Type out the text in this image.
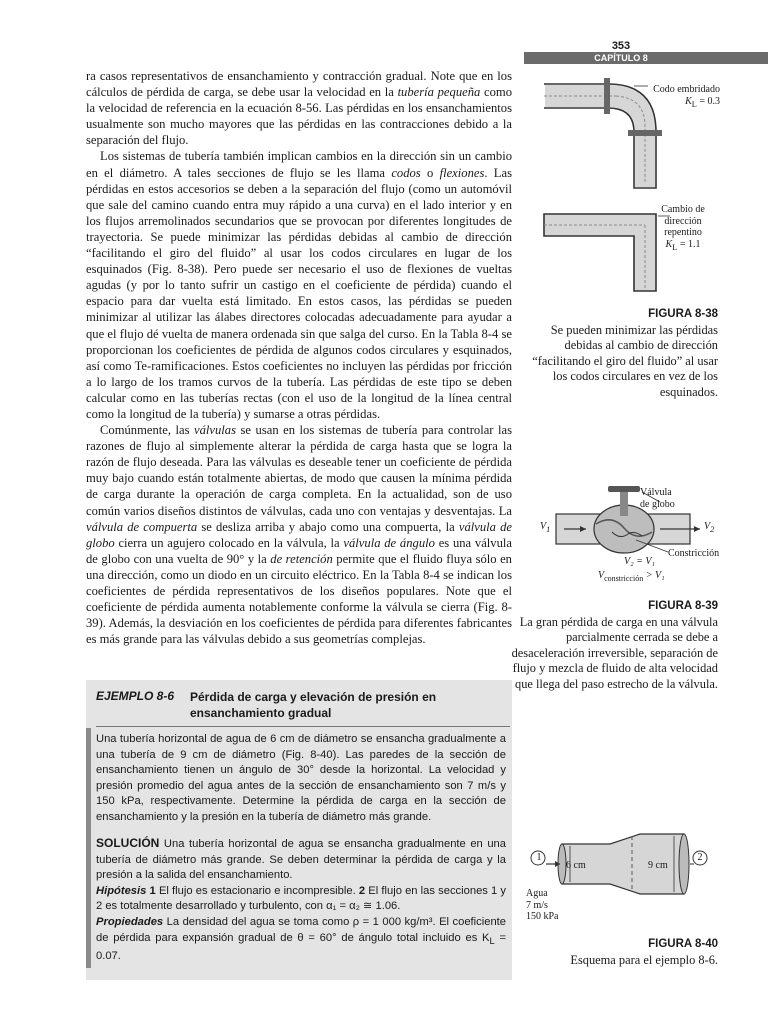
353
CAPÍTULO 8

ra casos representativos de ensanchamiento y contracción gradual. Note que en los cálculos de pérdida de carga, se debe usar la velocidad en la tubería pequeña como la velocidad de referencia en la ecuación 8-56. Las pérdidas en los ensanchamientos usualmente son mucho mayores que las pérdidas en las contracciones debido a la separación del flujo.

Los sistemas de tubería también implican cambios en la dirección sin un cambio en el diámetro. A tales secciones de flujo se les llama codos o flexiones. Las pérdidas en estos accesorios se deben a la separación del flujo (como un automóvil que sale del camino cuando entra muy rápido a una curva) en el lado interior y en los flujos arremolinados secundarios que se provocan por diferentes longitudes de trayectoria. Se puede minimizar las pérdidas debidas al cambio de dirección “facilitando el giro del fluido” al usar los codos circulares en lugar de los esquinados (Fig. 8-38). Pero puede ser necesario el uso de flexiones de vueltas agudas (y por lo tanto sufrir un castigo en el coeficiente de pérdida) cuando el espacio para dar vuelta está limitado. En estos casos, las pérdidas se pueden minimizar al utilizar las álabes directores colocadas adecuadamente para ayudar a que el flujo dé vuelta de manera ordenada sin que salga del curso. En la Tabla 8-4 se proporcionan los coeficientes de pérdida de algunos codos circulares y esquinados, así como Te-ramificaciones. Estos coeficientes no incluyen las pérdidas por fricción a lo largo de los tramos curvos de la tubería. Las pérdidas de este tipo se deben calcular como en las tuberías rectas (con el uso de la longitud de la línea central como la longitud de la tubería) y sumarse a otras pérdidas.

Comúnmente, las válvulas se usan en los sistemas de tubería para controlar las razones de flujo al simplemente alterar la pérdida de carga hasta que se logra la razón de flujo deseada. Para las válvulas es deseable tener un coeficiente de pérdida muy bajo cuando están totalmente abiertas, de modo que causen la mínima pérdida de carga durante la operación de carga completa. En la actualidad, son de uso común varios diseños distintos de válvulas, cada uno con ventajas y desventajas. La válvula de compuerta se desliza arriba y abajo como una compuerta, la válvula de globo cierra un agujero colocado en la válvula, la válvula de ángulo es una válvula de globo con una vuelta de 90° y la de retención permite que el fluido fluya sólo en una dirección, como un diodo en un circuito eléctrico. En la Tabla 8-4 se indican los coeficientes de pérdida representativos de los diseños populares. Note que el coeficiente de pérdida aumenta notablemente conforme la válvula se cierra (Fig. 8-39). Además, la desviación en los coeficientes de pérdida para diferentes fabricantes es más grande para las válvulas debido a sus geometrías complejas.

EJEMPLO 8-6 Pérdida de carga y elevación de presión en ensanchamiento gradual

Una tubería horizontal de agua de 6 cm de diámetro se ensancha gradualmente a una tubería de 9 cm de diámetro (Fig. 8-40). Las paredes de la sección de ensanchamiento tienen un ángulo de 30° desde la horizontal. La velocidad y presión promedio del agua antes de la sección de ensanchamiento son 7 m/s y 150 kPa, respectivamente. Determine la pérdida de carga en la sección de ensanchamiento y la presión en la tubería de diámetro más grande.

SOLUCIÓN Una tubería horizontal de agua se ensancha gradualmente en una tubería de diámetro más grande. Se deben determinar la pérdida de carga y la presión a la salida del ensanchamiento.

Hipótesis 1 El flujo es estacionario e incompresible. 2 El flujo en las secciones 1 y 2 es totalmente desarrollado y turbulento, con α₁ = α₂ ≅ 1.06.

Propiedades La densidad del agua se toma como ρ = 1 000 kg/m³. El coeficiente de pérdida para expansión gradual de θ = 60° de ángulo total incluido es $K_L = 0.07$.

Codo embridado
$K_L = 0.3$
Cambio de
dirección
repentino
$K_L = 1.1$
FIGURA 8-38
Se pueden minimizar las pérdidas debidas al cambio de dirección “facilitando el giro del fluido” al usar los codos circulares en vez de los esquinados.
Válvula
de globo
$V_1$	$V_2$
Constricción
V₂ = V₁
$V_{constricción} > V_1$
FIGURA 8-39
La gran pérdida de carga en una válvula parcialmente cerrada se debe a desaceleración irreversible, separación de flujo y mezcla de fluido de alta velocidad que llega del paso estrecho de la válvula.
1	2
6 cm	9 cm
Agua
7 m/s
150 kPa
FIGURA 8-40
Esquema para el ejemplo 8-6.
